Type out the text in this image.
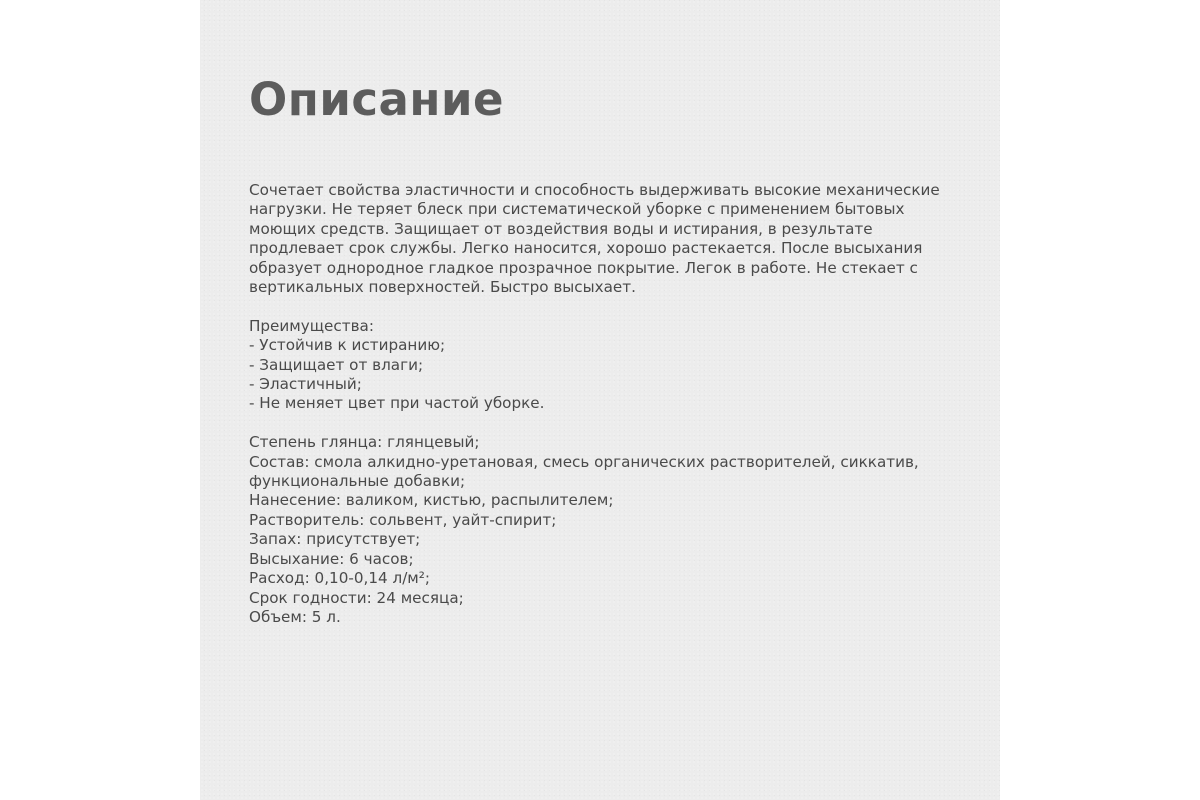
Описание
Сочетает свойства эластичности и способность выдерживать высокие механические
нагрузки. Не теряет блеск при систематической уборке с применением бытовых
моющих средств. Защищает от воздействия воды и истирания, в результате
продлевает срок службы. Легко наносится, хорошо растекается. После высыхания
образует однородное гладкое прозрачное покрытие. Легок в работе. Не стекает с
вертикальных поверхностей. Быстро высыхает.
Преимущества:
- Устойчив к истиранию;
- Защищает от влаги;
- Эластичный;
- Не меняет цвет при частой уборке.
Степень глянца: глянцевый;
Состав: смола алкидно-уретановая, смесь органических растворителей, сиккатив,
функциональные добавки;
Нанесение: валиком, кистью, распылителем;
Растворитель: сольвент, уайт-спирит;
Запах: присутствует;
Высыхание: 6 часов;
Расход: 0,10-0,14 л/м²;
Срок годности: 24 месяца;
Объем: 5 л.
